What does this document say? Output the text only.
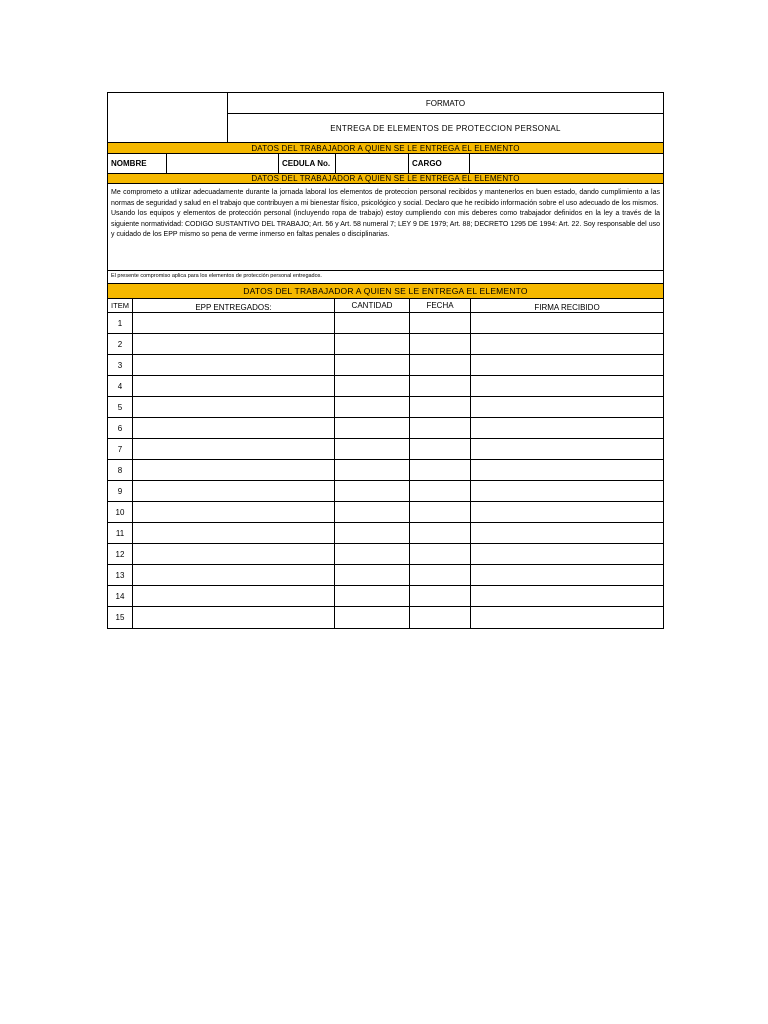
FORMATO
ENTREGA DE ELEMENTOS DE PROTECCION PERSONAL
DATOS DEL TRABAJADOR A QUIEN SE LE ENTREGA EL ELEMENTO
NOMBRE	CEDULA No.	CARGO
DATOS DEL TRABAJADOR A QUIEN SE LE ENTREGA EL ELEMENTO
Me comprometo a utilizar adecuadamente durante la jornada laboral los elementos de proteccion personal recibidos y mantenerlos en buen estado, dando cumplimiento a las normas de seguridad y salud en el trabajo que contribuyen a mi bienestar físico, psicológico y social. Declaro que he recibido información sobre el uso adecuado de los mismos.
Usando los equipos y elementos de protección personal (incluyendo ropa de trabajo) estoy cumpliendo con mis deberes como trabajador definidos en la ley a través de la siguiente normatividad: CODIGO SUSTANTIVO DEL TRABAJO; Art. 56 y Art. 58 numeral 7; LEY 9 DE 1979; Art. 88; DECRETO 1295 DE 1994: Art. 22. Soy responsable del uso y cuidado de los EPP mismo so pena de verme inmerso en faltas penales o disciplinarias.
El presente compromiso aplica para los elementos de protección personal entregados.
DATOS DEL TRABAJADOR A QUIEN SE LE ENTREGA EL ELEMENTO
ITEM	EPP ENTREGADOS:	CANTIDAD	FECHA	FIRMA RECIBIDO
1
2
3
4
5
6
7
8
9
10
11
12
13
14
15
